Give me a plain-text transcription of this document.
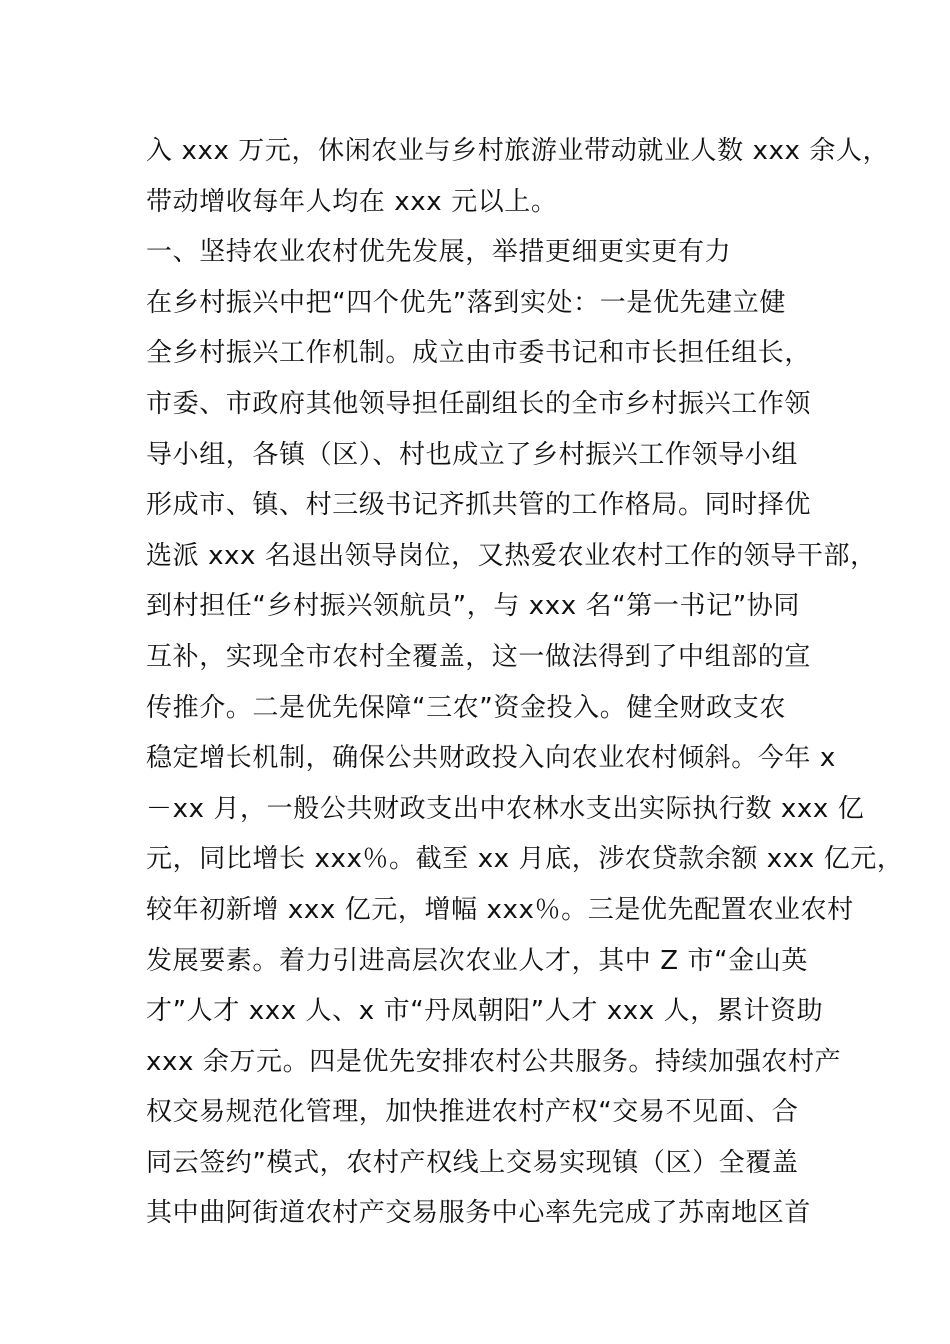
入 xxx 万元，休闲农业与乡村旅游业带动就业人数 xxx 余人，
带动增收每年人均在 xxx 元以上。
一、坚持农业农村优先发展，举措更细更实更有力
在乡村振兴中把“四个优先”落到实处：一是优先建立健
全乡村振兴工作机制。成立由市委书记和市长担任组长，
市委、市政府其他领导担任副组长的全市乡村振兴工作领
导小组，各镇（区）、村也成立了乡村振兴工作领导小组
形成市、镇、村三级书记齐抓共管的工作格局。同时择优
选派 xxx 名退出领导岗位，又热爱农业农村工作的领导干部，
到村担任“乡村振兴领航员”，与 xxx 名“第一书记”协同
互补，实现全市农村全覆盖，这一做法得到了中组部的宣
传推介。二是优先保障“三农”资金投入。健全财政支农
稳定增长机制，确保公共财政投入向农业农村倾斜。今年 x
－xx 月，一般公共财政支出中农林水支出实际执行数 xxx 亿
元，同比增长 xxx％。截至 xx 月底，涉农贷款余额 xxx 亿元，
较年初新增 xxx 亿元，增幅 xxx％。三是优先配置农业农村
发展要素。着力引进高层次农业人才，其中 Z 市“金山英
才”人才 xxx 人、x 市“丹凤朝阳”人才 xxx 人，累计资助
xxx 余万元。四是优先安排农村公共服务。持续加强农村产
权交易规范化管理，加快推进农村产权“交易不见面、合
同云签约”模式，农村产权线上交易实现镇（区）全覆盖
其中曲阿街道农村产交易服务中心率先完成了苏南地区首
